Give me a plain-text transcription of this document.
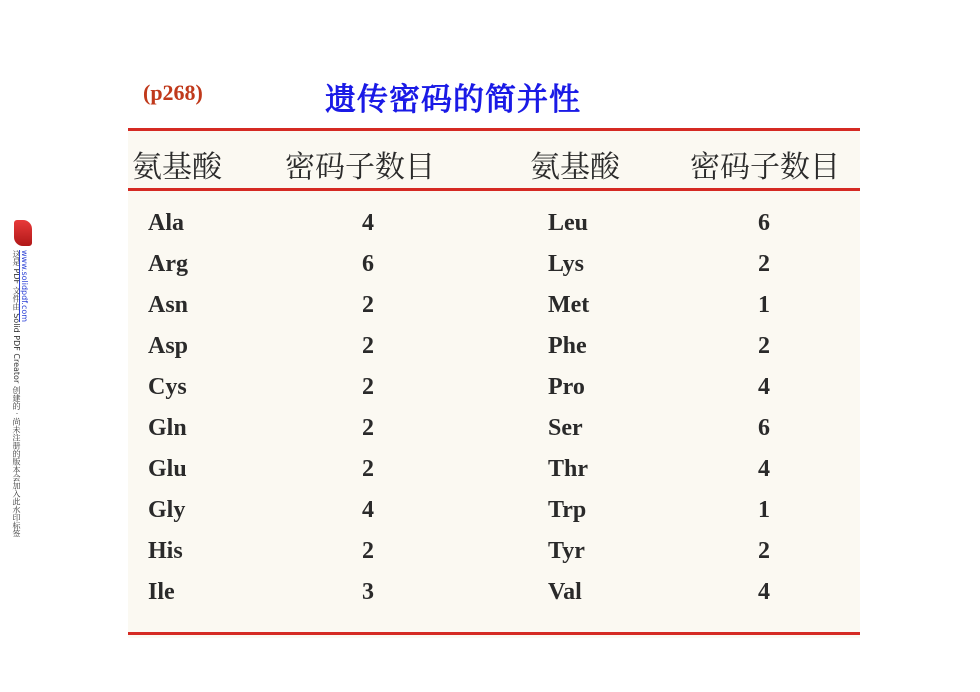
这是 PDF 文件由 Solid PDF Creator 创建的 · 尚未注册的版本会加入此水印标签 www.solidpdf.com
(p268)	遗传密码的简并性
氨基酸 密码子数目	氨基酸 密码子数目
Ala	4	Leu	6
Arg	6	Lys	2
Asn	2	Met	1
Asp	2	Phe	2
Cys	2	Pro	4
Gln	2	Ser	6
Glu	2	Thr	4
Gly	4	Trp	1
His	2	Tyr	2
Ile	3	Val	4
